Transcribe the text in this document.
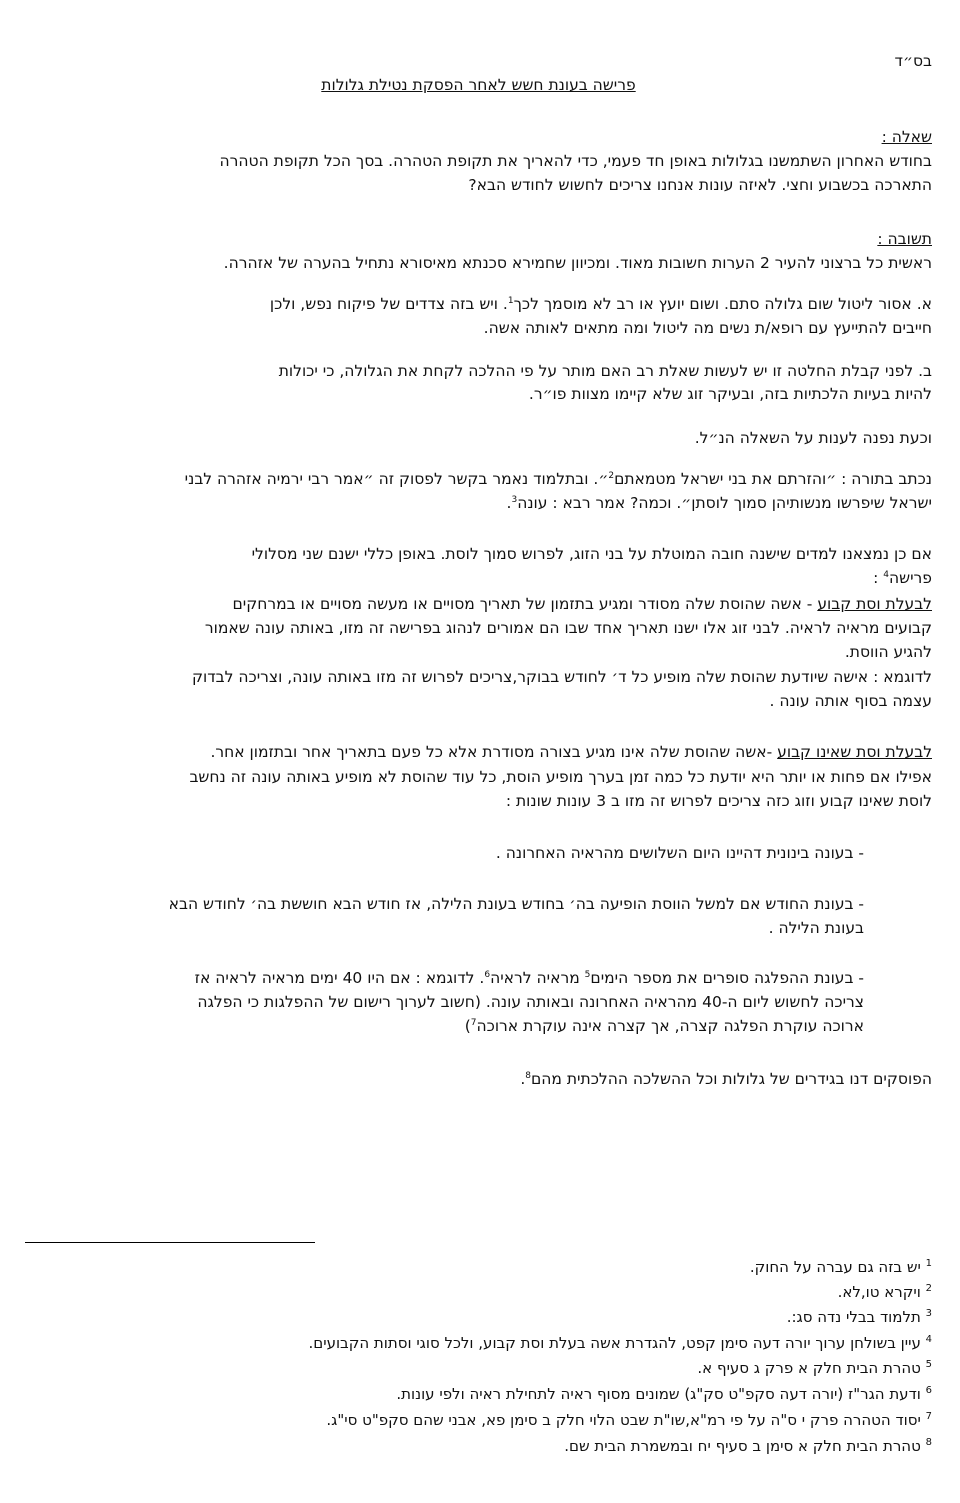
בס״ד
פרישה בעונת חשש לאחר הפסקת נטילת גלולות
שאלה :
בחודש האחרון השתמשנו בגלולות באופן חד פעמי, כדי להאריך את תקופת הטהרה. בסך הכל תקופת הטהרה
התארכה בכשבוע וחצי. לאיזה עונות אנחנו צריכים לחשוש לחודש הבא?
תשובה :
ראשית כל ברצוני להעיר 2 הערות חשובות מאוד. ומכיוון שחמירא סכנתא מאיסורא נתחיל בהערה של אזהרה.
א. אסור ליטול שום גלולה סתם. ושום יועץ או רב לא מוסמך לכך$^1$. ויש בזה צדדים של פיקוח נפש, ולכן
חייבים להתייעץ עם רופא/ת נשים מה ליטול ומה מתאים לאותה אשה.
ב. לפני קבלת החלטה זו יש לעשות שאלת רב האם מותר על פי ההלכה לקחת את הגלולה, כי יכולות
להיות בעיות הלכתיות בזה, ובעיקר זוג שלא קיימו מצוות פו״ר.
וכעת נפנה לענות על השאלה הנ״ל.
נכתב בתורה : ״והזרתם את בני ישראל מטמאתם$^2$״. ובתלמוד נאמר בקשר לפסוק זה ״אמר רבי ירמיה אזהרה לבני
ישראל שיפרשו מנשותיהן סמוך לוסתן״. וכמה? אמר רבא : עונה$^3$.
אם כן נמצאנו למדים שישנה חובה המוטלת על בני הזוג, לפרוש סמוך לוסת. באופן כללי ישנם שני מסלולי
פרישה$^4$ :
לבעלת וסת קבוע - אשה שהוסת שלה מסודר ומגיע בתזמון של תאריך מסויים או מעשה מסויים או במרחקים
קבועים מראיה לראיה. לבני זוג אלו ישנו תאריך אחד שבו הם אמורים לנהוג בפרישה זה מזו, באותה עונה שאמור
להגיע הווסת.
לדוגמא : אישה שיודעת שהוסת שלה מופיע כל ד׳ לחודש בבוקר,צריכים לפרוש זה מזו באותה עונה, וצריכה לבדוק
עצמה בסוף אותה עונה .
לבעלת וסת שאינו קבוע -אשה שהוסת שלה אינו מגיע בצורה מסודרת אלא כל פעם בתאריך אחר ובתזמון אחר.
אפילו אם פחות או יותר היא יודעת כל כמה זמן בערך מופיע הוסת, כל עוד שהוסת לא מופיע באותה עונה זה נחשב
לוסת שאינו קבוע וזוג כזה צריכים לפרוש זה מזו ב 3 עונות שונות :
- בעונה בינונית דהיינו היום השלושים מהראיה האחרונה .
- בעונת החודש אם למשל הווסת הופיעה בה׳ בחודש בעונת הלילה, אז חודש הבא חוששת בה׳ לחודש הבא
בעונת הלילה .
- בעונת ההפלגה סופרים את מספר הימים$^5$ מראיה לראיה$^6$. לדוגמא : אם היו 40 ימים מראיה לראיה אז
צריכה לחשוש ליום ה-40 מהראיה האחרונה ובאותה עונה. (חשוב לערוך רישום של ההפלגות כי הפלגה
ארוכה עוקרת הפלגה קצרה, אך קצרה אינה עוקרת ארוכה$^7$)
הפוסקים דנו בגידרים של גלולות וכל ההשלכה ההלכתית מהם$^8$.
$^1$ יש בזה גם עברה על החוק.
$^2$ ויקרא טו,לא.
$^3$ תלמוד בבלי נדה סג:.
$^4$ עיין בשולחן ערוך יורה דעה סימן קפט, להגדרת אשה בעלת וסת קבוע, ולכל סוגי וסתות הקבועים.
$^5$ טהרת הבית חלק א פרק ג סעיף א.
$^6$ ודעת הגר"ז (יורה דעה סקפ"ט סק"ג) שמונים מסוף ראיה לתחילת ראיה ולפי עונות.
$^7$ יסוד הטהרה פרק י ס"ה על פי רמ"א,שו"ת שבט הלוי חלק ב סימן פא, אבני שהם סקפ"ט סי"ג.
$^8$ טהרת הבית חלק א סימן ב סעיף יח ובמשמרת הבית שם.
